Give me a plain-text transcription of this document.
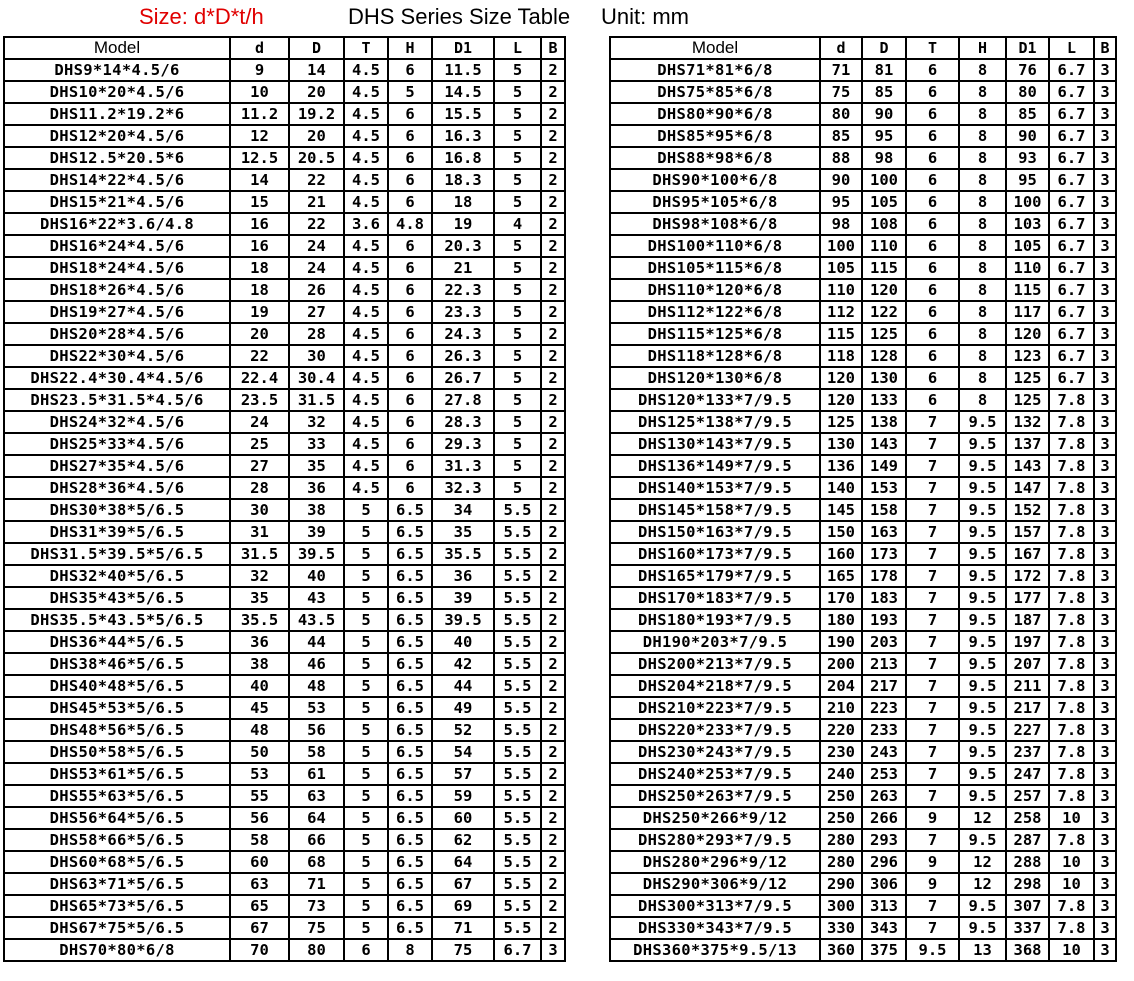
Size: d*D*t/h	DHS Series Size Table Unit: mm
Model	d	D	T	H	D1	L	B
DHS9*14*4.5/6	9	14	4.5	6	11.5	5	2
DHS10*20*4.5/6	10	20	4.5	5	14.5	5	2
DHS11.2*19.2*6	11.2	19.2	4.5	6	15.5	5	2
DHS12*20*4.5/6	12	20	4.5	6	16.3	5	2
DHS12.5*20.5*6	12.5	20.5	4.5	6	16.8	5	2
DHS14*22*4.5/6	14	22	4.5	6	18.3	5	2
DHS15*21*4.5/6	15	21	4.5	6	18	5	2
DHS16*22*3.6/4.8	16	22	3.6	4.8	19	4	2
DHS16*24*4.5/6	16	24	4.5	6	20.3	5	2
DHS18*24*4.5/6	18	24	4.5	6	21	5	2
DHS18*26*4.5/6	18	26	4.5	6	22.3	5	2
DHS19*27*4.5/6	19	27	4.5	6	23.3	5	2
DHS20*28*4.5/6	20	28	4.5	6	24.3	5	2
DHS22*30*4.5/6	22	30	4.5	6	26.3	5	2
DHS22.4*30.4*4.5/6	22.4	30.4	4.5	6	26.7	5	2
DHS23.5*31.5*4.5/6	23.5	31.5	4.5	6	27.8	5	2
DHS24*32*4.5/6	24	32	4.5	6	28.3	5	2
DHS25*33*4.5/6	25	33	4.5	6	29.3	5	2
DHS27*35*4.5/6	27	35	4.5	6	31.3	5	2
DHS28*36*4.5/6	28	36	4.5	6	32.3	5	2
DHS30*38*5/6.5	30	38	5	6.5	34	5.5	2
DHS31*39*5/6.5	31	39	5	6.5	35	5.5	2
DHS31.5*39.5*5/6.5	31.5	39.5	5	6.5	35.5	5.5	2
DHS32*40*5/6.5	32	40	5	6.5	36	5.5	2
DHS35*43*5/6.5	35	43	5	6.5	39	5.5	2
DHS35.5*43.5*5/6.5	35.5	43.5	5	6.5	39.5	5.5	2
DHS36*44*5/6.5	36	44	5	6.5	40	5.5	2
DHS38*46*5/6.5	38	46	5	6.5	42	5.5	2
DHS40*48*5/6.5	40	48	5	6.5	44	5.5	2
DHS45*53*5/6.5	45	53	5	6.5	49	5.5	2
DHS48*56*5/6.5	48	56	5	6.5	52	5.5	2
DHS50*58*5/6.5	50	58	5	6.5	54	5.5	2
DHS53*61*5/6.5	53	61	5	6.5	57	5.5	2
DHS55*63*5/6.5	55	63	5	6.5	59	5.5	2
DHS56*64*5/6.5	56	64	5	6.5	60	5.5	2
DHS58*66*5/6.5	58	66	5	6.5	62	5.5	2
DHS60*68*5/6.5	60	68	5	6.5	64	5.5	2
DHS63*71*5/6.5	63	71	5	6.5	67	5.5	2
DHS65*73*5/6.5	65	73	5	6.5	69	5.5	2
DHS67*75*5/6.5	67	75	5	6.5	71	5.5	2
DHS70*80*6/8	70	80	6	8	75	6.7	3
Model	d	D	T	H	D1	L	B
DHS71*81*6/8	71	81	6	8	76	6.7	3
DHS75*85*6/8	75	85	6	8	80	6.7	3
DHS80*90*6/8	80	90	6	8	85	6.7	3
DHS85*95*6/8	85	95	6	8	90	6.7	3
DHS88*98*6/8	88	98	6	8	93	6.7	3
DHS90*100*6/8	90	100	6	8	95	6.7	3
DHS95*105*6/8	95	105	6	8	100	6.7	3
DHS98*108*6/8	98	108	6	8	103	6.7	3
DHS100*110*6/8	100	110	6	8	105	6.7	3
DHS105*115*6/8	105	115	6	8	110	6.7	3
DHS110*120*6/8	110	120	6	8	115	6.7	3
DHS112*122*6/8	112	122	6	8	117	6.7	3
DHS115*125*6/8	115	125	6	8	120	6.7	3
DHS118*128*6/8	118	128	6	8	123	6.7	3
DHS120*130*6/8	120	130	6	8	125	6.7	3
DHS120*133*7/9.5	120	133	6	8	125	7.8	3
DHS125*138*7/9.5	125	138	7	9.5	132	7.8	3
DHS130*143*7/9.5	130	143	7	9.5	137	7.8	3
DHS136*149*7/9.5	136	149	7	9.5	143	7.8	3
DHS140*153*7/9.5	140	153	7	9.5	147	7.8	3
DHS145*158*7/9.5	145	158	7	9.5	152	7.8	3
DHS150*163*7/9.5	150	163	7	9.5	157	7.8	3
DHS160*173*7/9.5	160	173	7	9.5	167	7.8	3
DHS165*179*7/9.5	165	178	7	9.5	172	7.8	3
DHS170*183*7/9.5	170	183	7	9.5	177	7.8	3
DHS180*193*7/9.5	180	193	7	9.5	187	7.8	3
DH190*203*7/9.5	190	203	7	9.5	197	7.8	3
DHS200*213*7/9.5	200	213	7	9.5	207	7.8	3
DHS204*218*7/9.5	204	217	7	9.5	211	7.8	3
DHS210*223*7/9.5	210	223	7	9.5	217	7.8	3
DHS220*233*7/9.5	220	233	7	9.5	227	7.8	3
DHS230*243*7/9.5	230	243	7	9.5	237	7.8	3
DHS240*253*7/9.5	240	253	7	9.5	247	7.8	3
DHS250*263*7/9.5	250	263	7	9.5	257	7.8	3
DHS250*266*9/12	250	266	9	12	258	10	3
DHS280*293*7/9.5	280	293	7	9.5	287	7.8	3
DHS280*296*9/12	280	296	9	12	288	10	3
DHS290*306*9/12	290	306	9	12	298	10	3
DHS300*313*7/9.5	300	313	7	9.5	307	7.8	3
DHS330*343*7/9.5	330	343	7	9.5	337	7.8	3
DHS360*375*9.5/13	360	375	9.5	13	368	10	3
